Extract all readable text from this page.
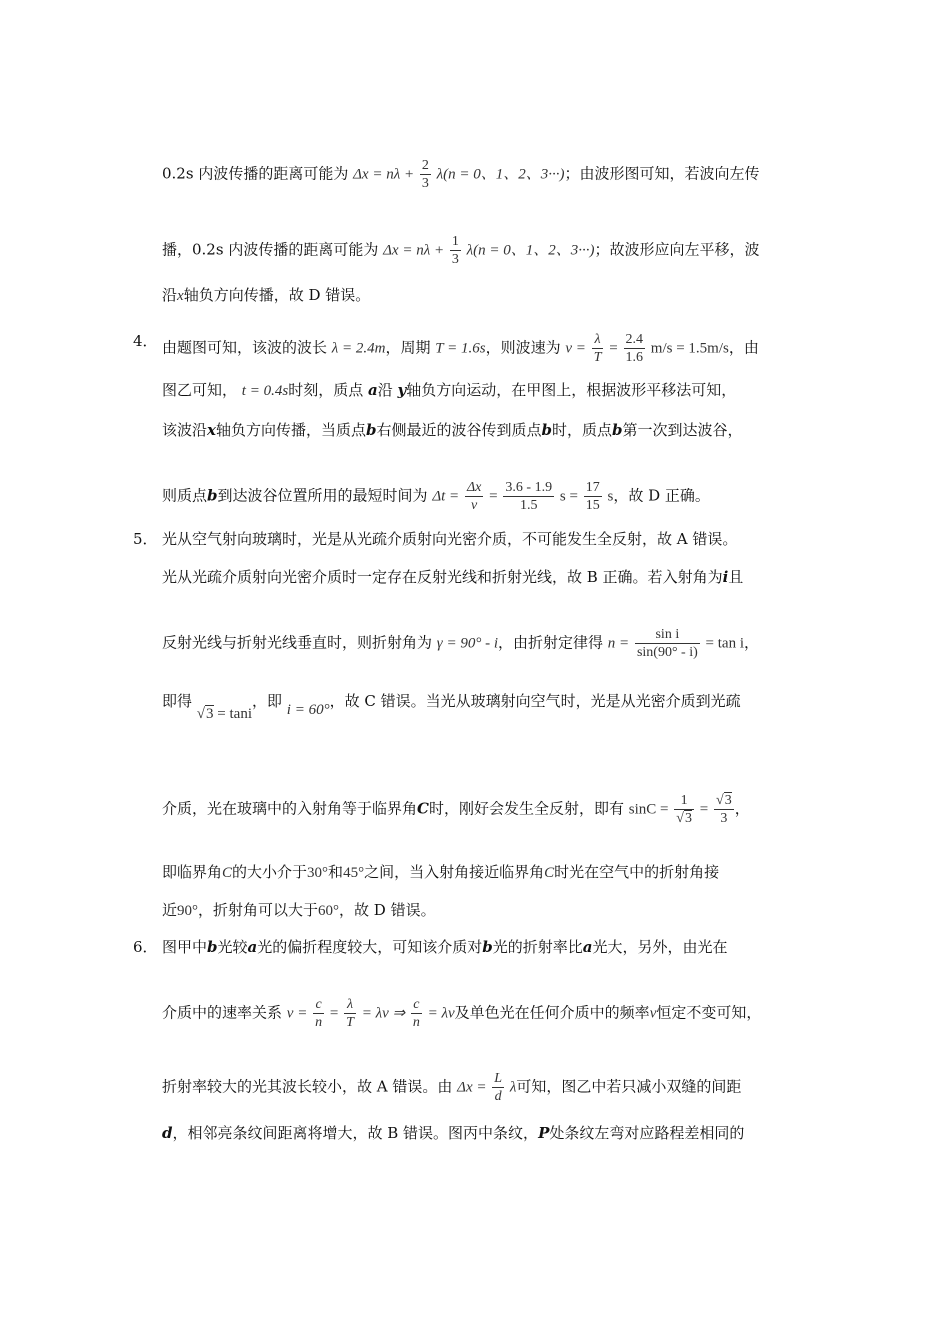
0.2s 内波传播的距离可能为 $\Delta x = n\lambda + \frac{2}{3} \lambda(n = 0$、1、2、3···)；由波形图可知，若波向左传
播，0.2s 内波传播的距离可能为 $\Delta x = n\lambda + \frac{1}{3} \lambda(n = 0$、1、2、3···)；故波形应向左平移，波
沿x轴负方向传播，故 D 错误。
4． 由题图可知，该波的波长 λ = 2.4m，周期 T = 1.6s，则波速为 $v = \frac{\lambda}{T} = \frac{2.4}{1.6} m/s = 1.5m/s$，由
图乙可知， t = 0.4s时刻，质点 a沿 y轴负方向运动，在甲图上，根据波形平移法可知，
该波沿x轴负方向传播，当质点b右侧最近的波谷传到质点b时，质点b第一次到达波谷，
则质点b到达波谷位置所用的最短时间为 $\Delta t = \frac{\Delta x}{v} = \frac{3.6 - 1.9}{1.5}$ $s = \frac{17}{15}$ s，故 D 正确。
5． 光从空气射向玻璃时，光是从光疏介质射向光密介质，不可能发生全反射，故 A 错误。
光从光疏介质射向光密介质时一定存在反射光线和折射光线，故 B 正确。若入射角为i且
反射光线与折射光线垂直时，则折射角为 γ = 90° - i，由折射定律得 $n = \frac{\text{sin i}}{\sin(90^\circ - i)} = \tan i$，
即得 √3 = tani，即 i = 60°，故 C 错误。当光从玻璃射向空气时，光是从光密介质到光疏
介质，光在玻璃中的入射角等于临界角C时，刚好会发生全反射，即有 $\sin C = \frac{1}{√3} = \frac{√3}{3}$ ，
即临界角C的大小介于30°和45°之间，当入射角接近临界角C时光在空气中的折射角接
近90°，折射角可以大于60°，故 D 错误。
6． 图甲中b光较a光的偏折程度较大，可知该介质对b光的折射率比a光大，另外，由光在
介质中的速率关系 $v = \frac{c}{n} = \frac{\lambda}{T} = \lambda\nu$ ⇒ $\frac{c}{n} = \lambda\nu$及单色光在任何介质中的频率ν恒定不变可知，
折射率较大的光其波长较小，故 A 错误。由 $\Delta x = \frac{L}{d}$ λ可知，图乙中若只减小双缝的间距
d，相邻亮条纹间距离将增大，故 B 错误。图丙中条纹，P处条纹左弯对应路程差相同的
